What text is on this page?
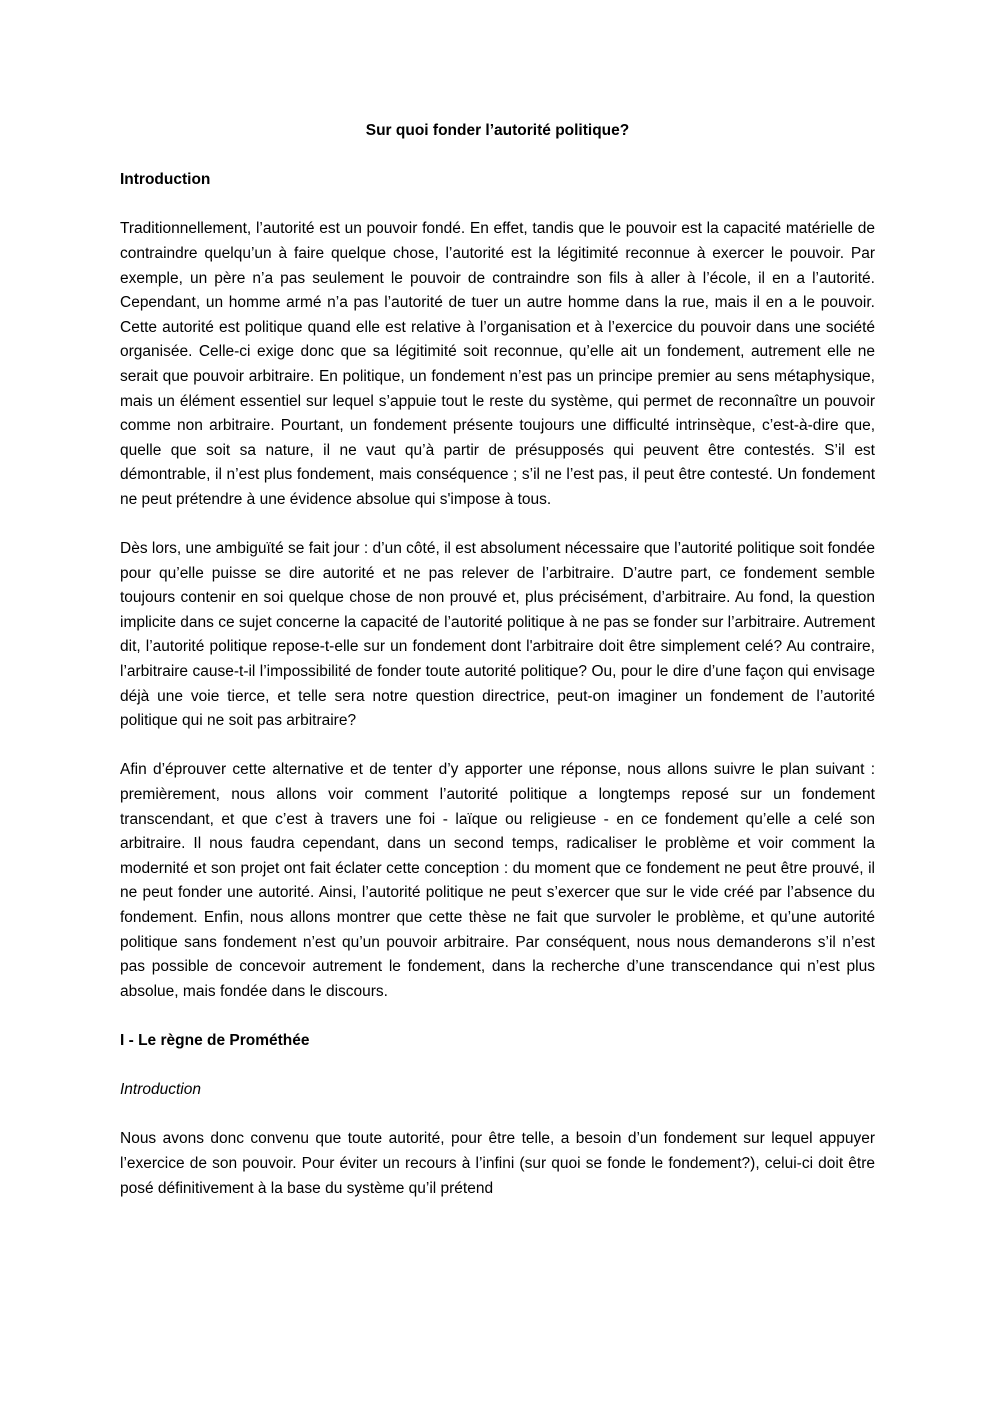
Sur quoi fonder l’autorité politique?
Introduction

Traditionnellement, l’autorité est un pouvoir fondé. En effet, tandis que le pouvoir est la capacité matérielle de contraindre quelqu’un à faire quelque chose, l’autorité est la légitimité reconnue à exercer le pouvoir. Par exemple, un père n’a pas seulement le pouvoir de contraindre son fils à aller à l’école, il en a l’autorité. Cependant, un homme armé n’a pas l’autorité de tuer un autre homme dans la rue, mais il en a le pouvoir. Cette autorité est politique quand elle est relative à l’organisation et à l’exercice du pouvoir dans une société organisée. Celle-ci exige donc que sa légitimité soit reconnue, qu’elle ait un fondement, autrement elle ne serait que pouvoir arbitraire. En politique, un fondement n’est pas un principe premier au sens métaphysique, mais un élément essentiel sur lequel s’appuie tout le reste du système, qui permet de reconnaître un pouvoir comme non arbitraire. Pourtant, un fondement présente toujours une difficulté intrinsèque, c’est-à-dire que, quelle que soit sa nature, il ne vaut qu’à partir de présupposés qui peuvent être contestés. S’il est démontrable, il n’est plus fondement, mais conséquence ; s’il ne l’est pas, il peut être contesté. Un fondement ne peut prétendre à une évidence absolue qui s'impose à tous.

Dès lors, une ambiguïté se fait jour : d’un côté, il est absolument nécessaire que l’autorité politique soit fondée pour qu’elle puisse se dire autorité et ne pas relever de l’arbitraire. D’autre part, ce fondement semble toujours contenir en soi quelque chose de non prouvé et, plus précisément, d’arbitraire. Au fond, la question implicite dans ce sujet concerne la capacité de l’autorité politique à ne pas se fonder sur l’arbitraire. Autrement dit, l’autorité politique repose-t-elle sur un fondement dont l'arbitraire doit être simplement celé? Au contraire, l’arbitraire cause-t-il l’impossibilité de fonder toute autorité politique? Ou, pour le dire d’une façon qui envisage déjà une voie tierce, et telle sera notre question directrice, peut-on imaginer un fondement de l’autorité politique qui ne soit pas arbitraire?

Afin d’éprouver cette alternative et de tenter d’y apporter une réponse, nous allons suivre le plan suivant : premièrement, nous allons voir comment l’autorité politique a longtemps reposé sur un fondement transcendant, et que c’est à travers une foi - laïque ou religieuse - en ce fondement qu’elle a celé son arbitraire. Il nous faudra cependant, dans un second temps, radicaliser le problème et voir comment la modernité et son projet ont fait éclater cette conception : du moment que ce fondement ne peut être prouvé, il ne peut fonder une autorité. Ainsi, l’autorité politique ne peut s’exercer que sur le vide créé par l’absence du fondement. Enfin, nous allons montrer que cette thèse ne fait que survoler le problème, et qu’une autorité politique sans fondement n’est qu’un pouvoir arbitraire. Par conséquent, nous nous demanderons s’il n’est pas possible de concevoir autrement le fondement, dans la recherche d’une transcendance qui n’est plus absolue, mais fondée dans le discours.

I - Le règne de Prométhée
Introduction

Nous avons donc convenu que toute autorité, pour être telle, a besoin d’un fondement sur lequel appuyer l’exercice de son pouvoir. Pour éviter un recours à l’infini (sur quoi se fonde le fondement?), celui-ci doit être posé définitivement à la base du système qu’il prétend
